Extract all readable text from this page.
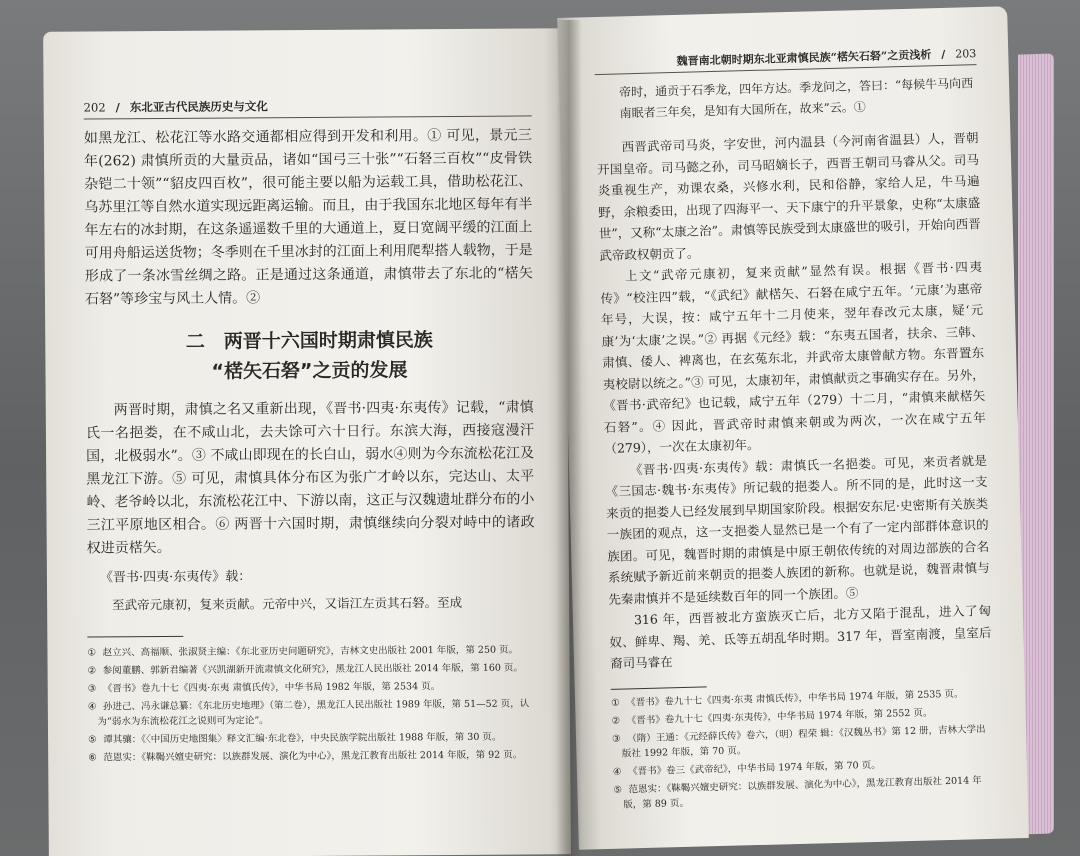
202 / 东北亚古代民族历史与文化

如黑龙江、松花江等水路交通都相应得到开发和利用。① 可见，景元三年(262) 肃慎所贡的大量贡品，诸如“国弓三十张”“石砮三百枚”“皮骨铁杂铠二十领”“貂皮四百枚”，很可能主要以船为运载工具，借助松花江、乌苏里江等自然水道实现远距离运输。而且，由于我国东北地区每年有半年左右的冰封期，在这条遥遥数千里的大通道上，夏日宽阔平缓的江面上可用舟船运送货物；冬季则在千里冰封的江面上利用爬犁搭人载物，于是形成了一条冰雪丝绸之路。正是通过这条通道，肃慎带去了东北的“楛矢石砮”等珍宝与风土人情。②

二　两晋十六国时期肃慎民族
“楛矢石砮”之贡的发展

两晋时期，肃慎之名又重新出现，《晋书·四夷·东夷传》记载，“肃慎氏一名挹娄，在不咸山北，去夫馀可六十日行。东滨大海，西接寇漫汗国，北极弱水”。③ 不咸山即现在的长白山，弱水④则为今东流松花江及黑龙江下游。⑤ 可见，肃慎具体分布区为张广才岭以东，完达山、太平岭、老爷岭以北，东流松花江中、下游以南，这正与汉魏遗址群分布的小三江平原地区相合。⑥ 两晋十六国时期，肃慎继续向分裂对峙中的诸政权进贡楛矢。

《晋书·四夷·东夷传》载：

至武帝元康初，复来贡献。元帝中兴，又诣江左贡其石砮。至成

① 赵立兴、高福顺、张淑贤主编：《东北亚历史问题研究》，吉林文史出版社 2001 年版，第 250 页。

② 参阅董鹏、郭新君编著《兴凯湖新开流肃慎文化研究》，黑龙江人民出版社 2014 年版，第 160 页。

③ 《晋书》卷九十七《四夷·东夷 肃慎氏传》，中华书局 1982 年版，第 2534 页。

④ 孙进己、冯永谦总纂：《东北历史地理》（第二卷），黑龙江人民出版社 1989 年版，第 51—52 页，认为“弱水为东流松花江之说则可为定论”。

⑤ 谭其骧：《〈中国历史地图集〉释文汇编·东北卷》，中央民族学院出版社 1988 年版，第 30 页。

⑥ 范恩实：《靺鞨兴嬗史研究：以族群发展、演化为中心》，黑龙江教育出版社 2014 年版，第 92 页。

魏晋南北朝时期东北亚肃慎民族“楛矢石砮”之贡浅析 / 203

帝时，通贡于石季龙，四年方达。季龙问之，答曰：“每候牛马向西南眠者三年矣，是知有大国所在，故来”云。①

西晋武帝司马炎，字安世，河内温县（今河南省温县）人，晋朝开国皇帝。司马懿之孙，司马昭嫡长子，西晋王朝司马睿从父。司马炎重视生产，劝课农桑，兴修水利，民和俗静，家给人足，牛马遍野，余粮委田，出现了四海平一、天下康宁的升平景象，史称“太康盛世”，又称“太康之治”。肃慎等民族受到太康盛世的吸引，开始向西晋武帝政权朝贡了。

上文“武帝元康初，复来贡献”显然有误。根据《晋书·四夷传》“校注四”载，“《武纪》献楛矢、石砮在咸宁五年。‘元康’为惠帝年号，大误，按：咸宁五年十二月使来，翌年春改元太康，疑‘元康’为‘太康’之误。”② 再据《元经》载：“东夷五国者，扶余、三韩、肃慎、倭人、裨离也，在玄菟东北，并武帝太康曾献方物。东晋置东夷校尉以统之。”③ 可见，太康初年，肃慎献贡之事确实存在。另外，《晋书·武帝纪》也记载，咸宁五年（279）十二月，“肃慎来献楛矢石砮”。④ 因此，晋武帝时肃慎来朝或为两次，一次在咸宁五年（279），一次在太康初年。

《晋书·四夷·东夷传》载：肃慎氏一名挹娄。可见，来贡者就是《三国志·魏书·东夷传》所记载的挹娄人。所不同的是，此时这一支来贡的挹娄人已经发展到早期国家阶段。根据安东尼·史密斯有关族类一族团的观点，这一支挹娄人显然已是一个有了一定内部群体意识的族团。可见，魏晋时期的肃慎是中原王朝依传统的对周边部族的合名系统赋予新近前来朝贡的挹娄人族团的新称。也就是说，魏晋肃慎与先秦肃慎并不是延续数百年的同一个族团。⑤

316 年，西晋被北方蛮族灭亡后，北方又陷于混乱，进入了匈奴、鲜卑、羯、羌、氐等五胡乱华时期。317 年，晋室南渡，皇室后裔司马睿在

① 《晋书》卷九十七《四夷·东夷 肃慎氏传》，中华书局 1974 年版，第 2535 页。

② 《晋书》卷九十七《四夷·东夷传》，中华书局 1974 年版，第 2552 页。

③ （隋）王通：《元经薛氏传》卷六，（明）程荣 辑：《汉魏丛书》第 12 册，吉林大学出版社 1992 年版，第 70 页。

④ 《晋书》卷三《武帝纪》，中华书局 1974 年版，第 70 页。

⑤ 范恩实：《靺鞨兴嬗史研究：以族群发展、演化为中心》，黑龙江教育出版社 2014 年版，第 89 页。
